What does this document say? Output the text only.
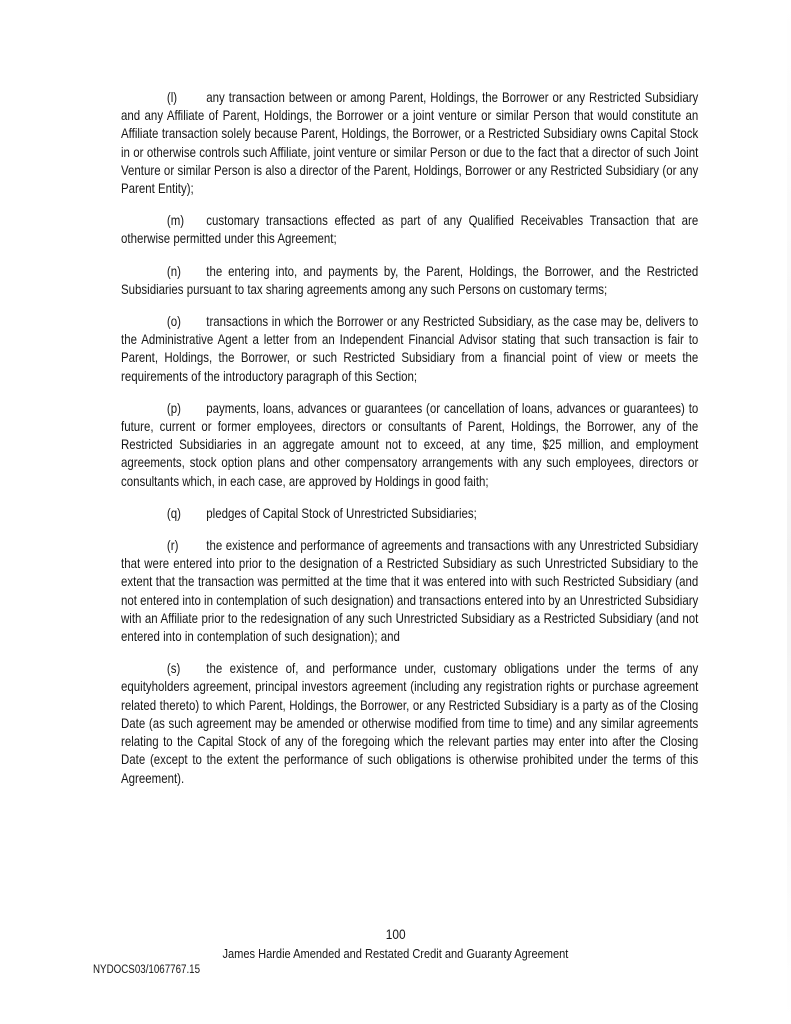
(l) any transaction between or among Parent, Holdings, the Borrower or any Restricted Subsidiary and any Affiliate of Parent, Holdings, the Borrower or a joint venture or similar Person that would constitute an Affiliate transaction solely because Parent, Holdings, the Borrower, or a Restricted Subsidiary owns Capital Stock in or otherwise controls such Affiliate, joint venture or similar Person or due to the fact that a director of such Joint Venture or similar Person is also a director of the Parent, Holdings, Borrower or any Restricted Subsidiary (or any Parent Entity);

(m) customary transactions effected as part of any Qualified Receivables Transaction that are otherwise permitted under this Agreement;

(n) the entering into, and payments by, the Parent, Holdings, the Borrower, and the Restricted Subsidiaries pursuant to tax sharing agreements among any such Persons on customary terms;

(o) transactions in which the Borrower or any Restricted Subsidiary, as the case may be, delivers to the Administrative Agent a letter from an Independent Financial Advisor stating that such transaction is fair to Parent, Holdings, the Borrower, or such Restricted Subsidiary from a financial point of view or meets the requirements of the introductory paragraph of this Section;

(p) payments, loans, advances or guarantees (or cancellation of loans, advances or guarantees) to future, current or former employees, directors or consultants of Parent, Holdings, the Borrower, any of the Restricted Subsidiaries in an aggregate amount not to exceed, at any time, $25 million, and employment agreements, stock option plans and other compensatory arrangements with any such employees, directors or consultants which, in each case, are approved by Holdings in good faith;

(q) pledges of Capital Stock of Unrestricted Subsidiaries;

(r) the existence and performance of agreements and transactions with any Unrestricted Subsidiary that were entered into prior to the designation of a Restricted Subsidiary as such Unrestricted Subsidiary to the extent that the transaction was permitted at the time that it was entered into with such Restricted Subsidiary (and not entered into in contemplation of such designation) and transactions entered into by an Unrestricted Subsidiary with an Affiliate prior to the redesignation of any such Unrestricted Subsidiary as a Restricted Subsidiary (and not entered into in contemplation of such designation); and

(s) the existence of, and performance under, customary obligations under the terms of any equityholders agreement, principal investors agreement (including any registration rights or purchase agreement related thereto) to which Parent, Holdings, the Borrower, or any Restricted Subsidiary is a party as of the Closing Date (as such agreement may be amended or otherwise modified from time to time) and any similar agreements relating to the Capital Stock of any of the foregoing which the relevant parties may enter into after the Closing Date (except to the extent the performance of such obligations is otherwise prohibited under the terms of this Agreement).

100
James Hardie Amended and Restated Credit and Guaranty Agreement
NYDOCS03/1067767.15
